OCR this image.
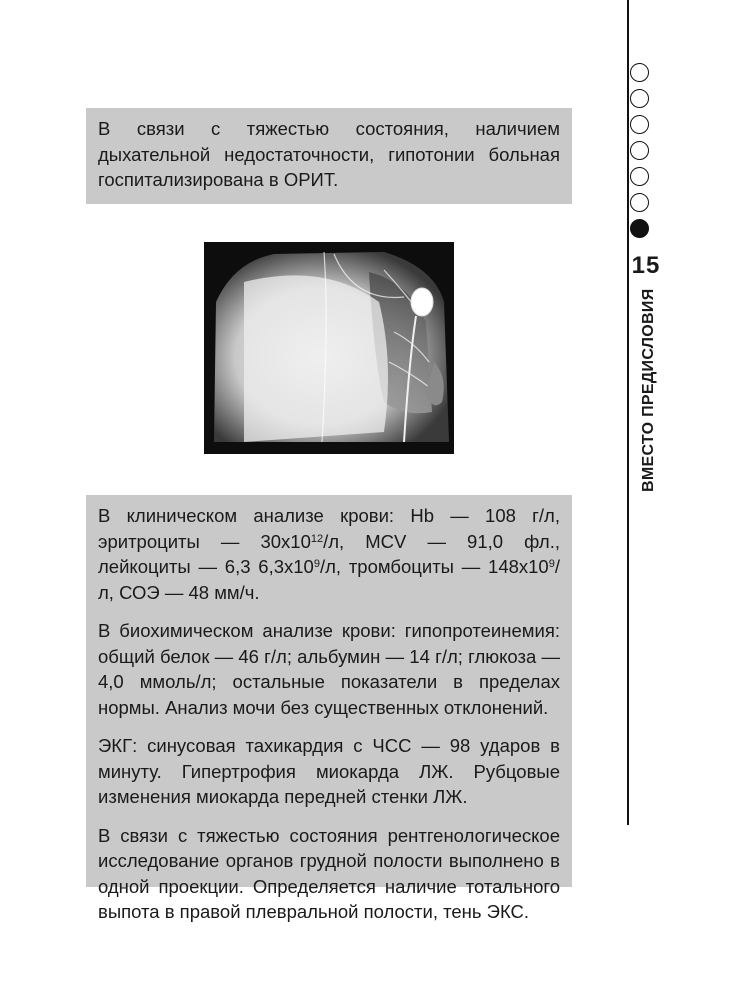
В связи с тяжестью состояния, наличием дыхательной недостаточности, гипотонии больная госпитализирована в ОРИТ.

В клиническом анализе крови: Hb — 108 г/л, эритроциты — $30х10^{12}/л$, MCV — 91,0 фл., лейкоциты — 6,3 $6,3х10^9/л$, тромбоциты — $148х10^9/л$, СОЭ — 48 мм/ч.

В биохимическом анализе крови: гипопротеинемия: общий белок — 46 г/л; альбумин — 14 г/л; глюкоза — 4,0 ммоль/л; остальные показатели в пределах нормы. Анализ мочи без существенных отклонений.

ЭКГ: синусовая тахикардия с ЧСС — 98 ударов в минуту. Гипертрофия миокарда ЛЖ. Рубцовые изменения миокарда передней стенки ЛЖ.

В связи с тяжестью состояния рентгенологическое исследование органов грудной полости выполнено в одной проекции. Определяется наличие тотального выпота в правой плевральной полости, тень ЭКС.

15
ВМЕСТО ПРЕДИСЛОВИЯ
